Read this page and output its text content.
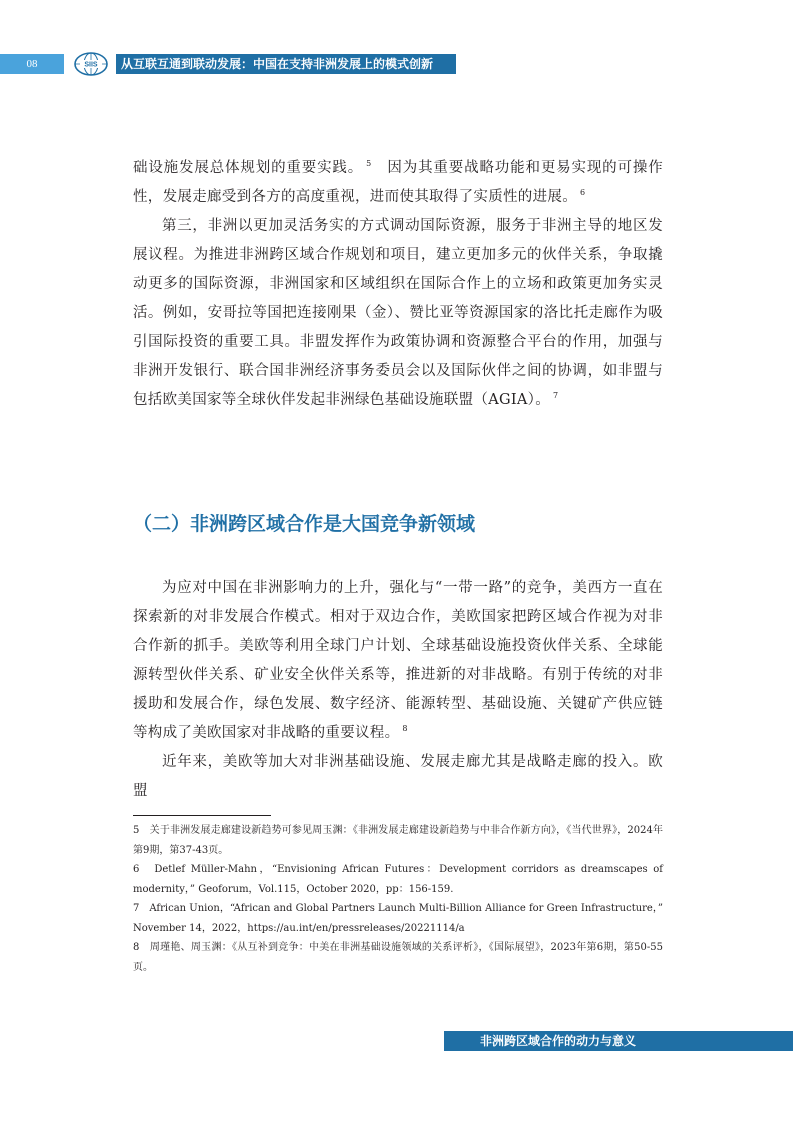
08	SIIS	从互联互通到联动发展：中国在支持非洲发展上的模式创新

础设施发展总体规划的重要实践。 $^5$　 因为其重要战略功能和更易实现的可操作性，发展走廊受到各方的高度重视，进而使其取得了实质性的进展。 $^6$

第三，非洲以更加灵活务实的方式调动国际资源，服务于非洲主导的地区发展议程。为推进非洲跨区域合作规划和项目，建立更加多元的伙伴关系，争取撬动更多的国际资源，非洲国家和区域组织在国际合作上的立场和政策更加务实灵活。例如，安哥拉等国把连接刚果（金）、赞比亚等资源国家的洛比托走廊作为吸引国际投资的重要工具。非盟发挥作为政策协调和资源整合平台的作用，加强与非洲开发银行、联合国非洲经济事务委员会以及国际伙伴之间的协调，如非盟与包括欧美国家等全球伙伴发起非洲绿色基础设施联盟（AGIA）。 $^7$

（二）非洲跨区域合作是大国竞争新领域

为应对中国在非洲影响力的上升，强化与“一带一路”的竞争，美西方一直在探索新的对非发展合作模式。相对于双边合作，美欧国家把跨区域合作视为对非合作新的抓手。美欧等利用全球门户计划、全球基础设施投资伙伴关系、全球能源转型伙伴关系、矿业安全伙伴关系等，推进新的对非战略。有别于传统的对非援助和发展合作，绿色发展、数字经济、能源转型、基础设施、关键矿产供应链等构成了美欧国家对非战略的重要议程。 $^8$

近年来，美欧等加大对非洲基础设施、发展走廊尤其是战略走廊的投入。欧盟

5　关于非洲发展走廊建设新趋势可参见周玉渊：《非洲发展走廊建设新趋势与中非合作新方向》，《当代世界》，2024年第9期，第37-43页。

6　Detlef Müller-Mahn，“Envisioning African Futures：Development corridors as dreamscapes of modernity，” Geoforum，Vol.115，October 2020，pp：156-159.

7　African Union，“African and Global Partners Launch Multi-Billion Alliance for Green Infrastructure，” November 14，2022，https://au.int/en/pressreleases/20221114/a

8　周瑾艳、周玉渊：《从互补到竞争：中美在非洲基础设施领域的关系评析》，《国际展望》，2023年第6期，第50-55页。

非洲跨区域合作的动力与意义
